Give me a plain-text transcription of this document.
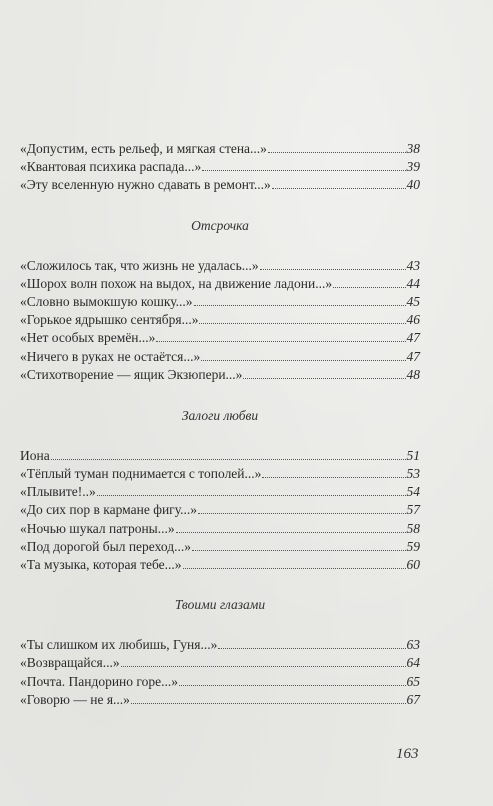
«Допустим, есть рельеф, и мягкая стена...»	38
«Квантовая психика распада...»	39
«Эту вселенную нужно сдавать в ремонт...»	40
Отсрочка
«Сложилось так, что жизнь не удалась...»	43
«Шорох волн похож на выдох, на движение ладони...»	44
«Словно вымокшую кошку...»	45
«Горькое ядрышко сентября...»	46
«Нет особых времён...»	47
«Ничего в руках не остаётся...»	47
«Стихотворение — ящик Экзюпери...»	48
Залоги любви
Иона	51
«Тёплый туман поднимается с тополей...»	53
«Плывите!..»	54
«До сих пор в кармане фигу...»	57
«Ночью шукал патроны...»	58
«Под дорогой был переход...»	59
«Та музыка, которая тебе...»	60
Твоими глазами
«Ты слишком их любишь, Гуня...»	63
«Возвращайся...»	64
«Почта. Пандорино горе...»	65
«Говорю — не я...»	67
163
